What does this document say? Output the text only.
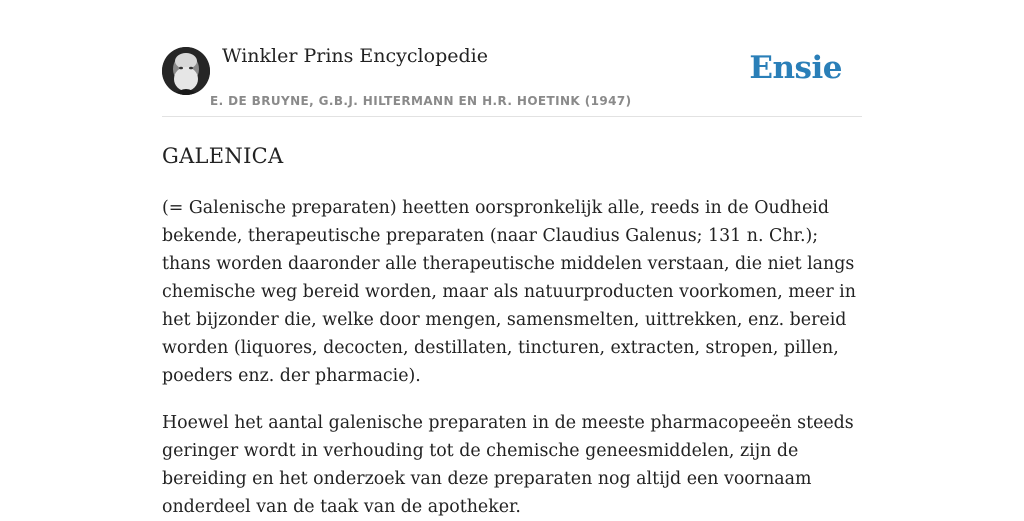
Winkler Prins Encyclopedie
E. DE BRUYNE, G.B.J. HILTERMANN EN H.R. HOETINK (1947)
Ensie
GALENICA

(= Galenische preparaten) heetten oorspronkelijk alle, reeds in de Oudheid bekende, therapeutische preparaten (naar Claudius Galenus; 131 n. Chr.); thans worden daaronder alle therapeutische middelen verstaan, die niet langs chemische weg bereid worden, maar als natuurproducten voorkomen, meer in het bijzonder die, welke door mengen, samensmelten, uittrekken, enz. bereid worden (liquores, decocten, destillaten, tincturen, extracten, stropen, pillen, poeders enz. der pharmacie).

Hoewel het aantal galenische preparaten in de meeste pharmacopeeën steeds geringer wordt in verhouding tot de chemische geneesmiddelen, zijn de bereiding en het onderzoek van deze preparaten nog altijd een voornaam onderdeel van de taak van de apotheker.
